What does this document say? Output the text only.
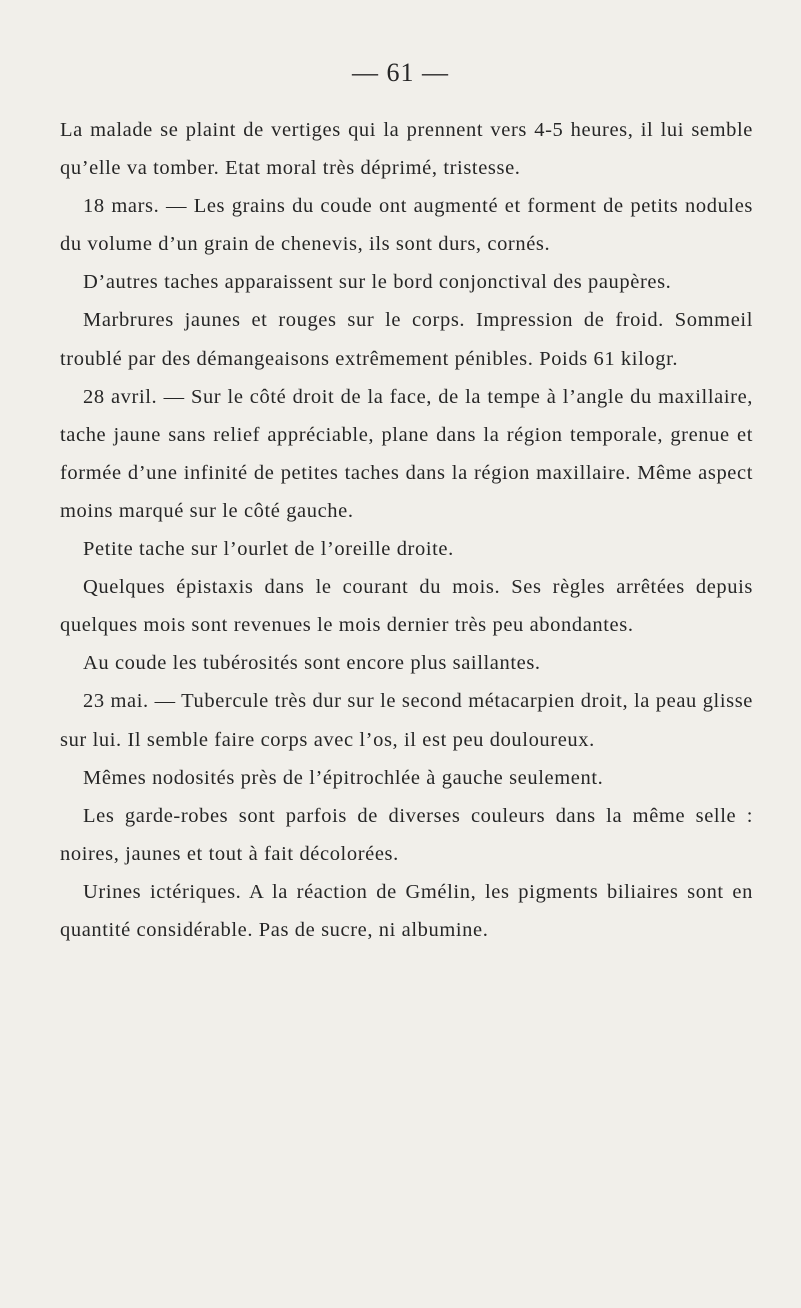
— 61 —

La malade se plaint de vertiges qui la prennent vers 4-5 heures, il lui semble qu’elle va tomber. Etat moral très déprimé, tristesse.

18 mars. — Les grains du coude ont augmenté et forment de petits nodules du volume d’un grain de chenevis, ils sont durs, cornés.

D’autres taches apparaissent sur le bord conjonctival des paupères.

Marbrures jaunes et rouges sur le corps. Impression de froid. Sommeil troublé par des démangeaisons extrêmement pénibles. Poids 61 kilogr.

28 avril. — Sur le côté droit de la face, de la tempe à l’angle du maxillaire, tache jaune sans relief appréciable, plane dans la région temporale, grenue et formée d’une infinité de petites taches dans la région maxillaire. Même aspect moins marqué sur le côté gauche.

Petite tache sur l’ourlet de l’oreille droite.

Quelques épistaxis dans le courant du mois. Ses règles arrêtées depuis quelques mois sont revenues le mois dernier très peu abondantes.

Au coude les tubérosités sont encore plus saillantes.

23 mai. — Tubercule très dur sur le second métacarpien droit, la peau glisse sur lui. Il semble faire corps avec l’os, il est peu douloureux.

Mêmes nodosités près de l’épitrochlée à gauche seulement.

Les garde-robes sont parfois de diverses couleurs dans la même selle : noires, jaunes et tout à fait décolorées.

Urines ictériques. A la réaction de Gmélin, les pigments biliaires sont en quantité considérable. Pas de sucre, ni albumine.
